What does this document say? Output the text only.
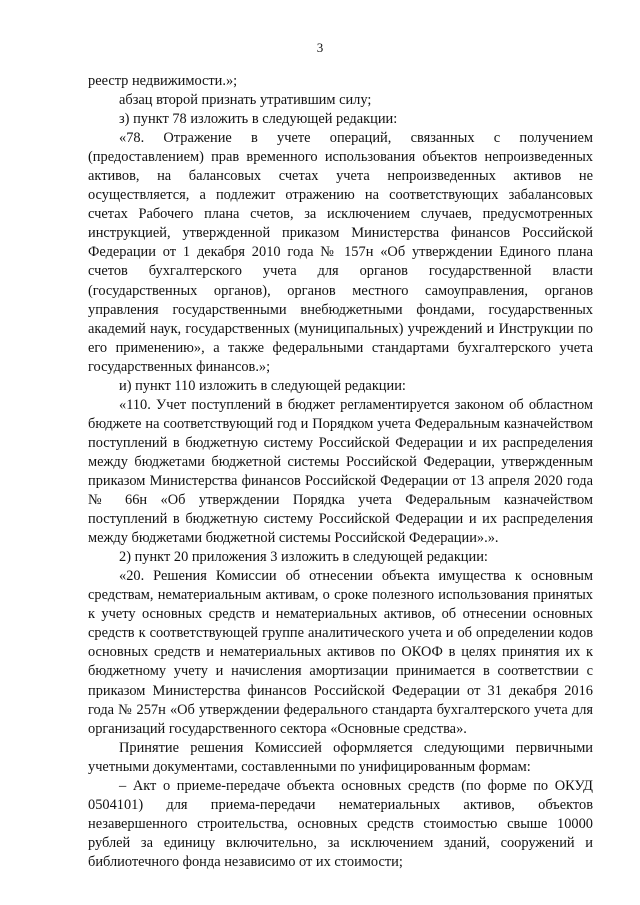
3

реестр недвижимости.»;

абзац второй признать утратившим силу;

з) пункт 78 изложить в следующей редакции:

«78. Отражение в учете операций, связанных с получением (предоставлением) прав временного использования объектов непроизведенных активов, на балансовых счетах учета непроизведенных активов не осуществляется, а подлежит отражению на соответствующих забалансовых счетах Рабочего плана счетов, за исключением случаев, предусмотренных инструкцией, утвержденной приказом Министерства финансов Российской Федерации от 1 декабря 2010 года № 157н «Об утверждении Единого плана счетов бухгалтерского учета для органов государственной власти (государственных органов), органов местного самоуправления, органов управления государственными внебюджетными фондами, государственных академий наук, государственных (муниципальных) учреждений и Инструкции по его применению», а также федеральными стандартами бухгалтерского учета государственных финансов.»;

и) пункт 110 изложить в следующей редакции:

«110. Учет поступлений в бюджет регламентируется законом об областном бюджете на соответствующий год и Порядком учета Федеральным казначейством поступлений в бюджетную систему Российской Федерации и их распределения между бюджетами бюджетной системы Российской Федерации, утвержденным приказом Министерства финансов Российской Федерации от 13 апреля 2020 года № 66н «Об утверждении Порядка учета Федеральным казначейством поступлений в бюджетную систему Российской Федерации и их распределения между бюджетами бюджетной системы Российской Федерации».».

2) пункт 20 приложения 3 изложить в следующей редакции:

«20. Решения Комиссии об отнесении объекта имущества к основным средствам, нематериальным активам, о сроке полезного использования принятых к учету основных средств и нематериальных активов, об отнесении основных средств к соответствующей группе аналитического учета и об определении кодов основных средств и нематериальных активов по ОКОФ в целях принятия их к бюджетному учету и начисления амортизации принимается в соответствии с приказом Министерства финансов Российской Федерации от 31 декабря 2016 года № 257н «Об утверждении федерального стандарта бухгалтерского учета для организаций государственного сектора «Основные средства».

Принятие решения Комиссией оформляется следующими первичными учетными документами, составленными по унифицированным формам:

– Акт о приеме-передаче объекта основных средств (по форме по ОКУД 0504101) для приема-передачи нематериальных активов, объектов незавершенного строительства, основных средств стоимостью свыше 10000 рублей за единицу включительно, за исключением зданий, сооружений и библиотечного фонда независимо от их стоимости;
